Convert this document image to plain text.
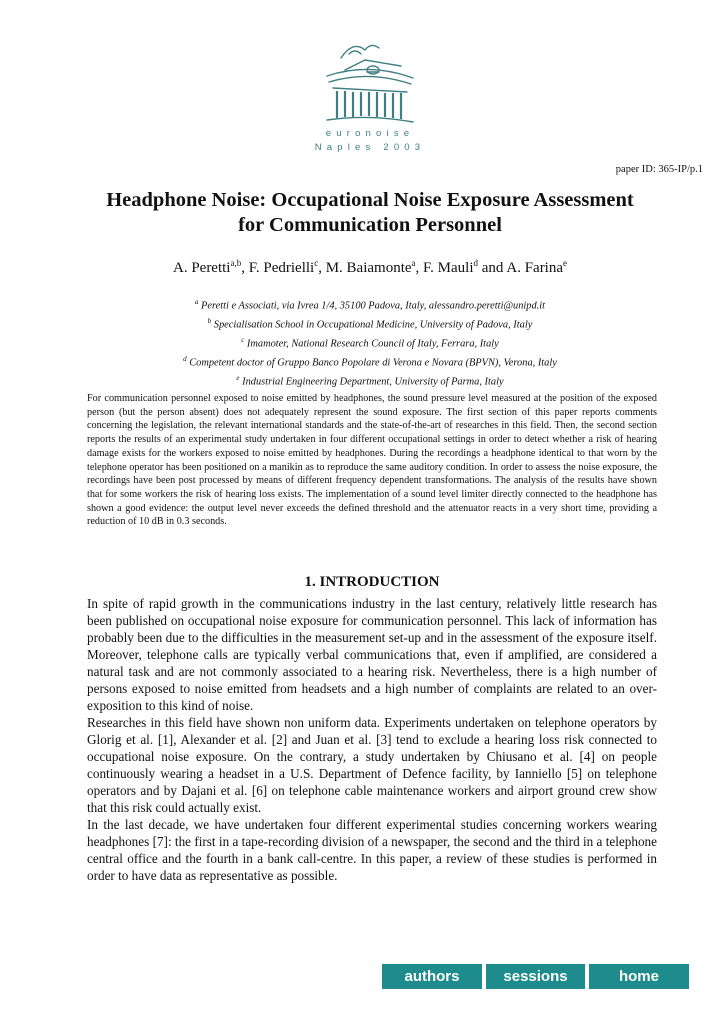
euronoise
Naples 2003
paper ID: 365-IP/p.1
Headphone Noise: Occupational Noise Exposure Assessment
for Communication Personnel
A. Peretti$^{a,b}$, F. Pedrielli$^c$, M. Baiamonte$^a$, F. Mauli$^d$ and A. Farina$^e$
$^a$ Peretti e Associati, via Ivrea 1/4, 35100 Padova, Italy, alessandro.peretti@unipd.it
$^b$ Specialisation School in Occupational Medicine, University of Padova, Italy
$^c$ Imamoter, National Research Council of Italy, Ferrara, Italy
$^d$ Competent doctor of Gruppo Banco Popolare di Verona e Novara (BPVN), Verona, Italy
$^e$ Industrial Engineering Department, University of Parma, Italy

For communication personnel exposed to noise emitted by headphones, the sound pressure level measured at the position of the exposed person (but the person absent) does not adequately represent the sound exposure. The first section of this paper reports comments concerning the legislation, the relevant international standards and the state-of-the-art of researches in this field. Then, the second section reports the results of an experimental study undertaken in four different occupational settings in order to detect whether a risk of hearing damage exists for the workers exposed to noise emitted by headphones. During the recordings a headphone identical to that worn by the telephone operator has been positioned on a manikin as to reproduce the same auditory condition. In order to assess the noise exposure, the recordings have been post processed by means of different frequency dependent transformations. The analysis of the results have shown that for some workers the risk of hearing loss exists. The implementation of a sound level limiter directly connected to the headphone has shown a good evidence: the output level never exceeds the defined threshold and the attenuator reacts in a very short time, providing a reduction of 10 dB in 0.3 seconds.

1. INTRODUCTION

In spite of rapid growth in the communications industry in the last century, relatively little research has been published on occupational noise exposure for communication personnel. This lack of information has probably been due to the difficulties in the measurement set-up and in the assessment of the exposure itself. Moreover, telephone calls are typically verbal communications that, even if amplified, are considered a natural task and are not commonly associated to a hearing risk. Nevertheless, there is a high number of persons exposed to noise emitted from headsets and a high number of complaints are related to an over-exposition to this kind of noise.

Researches in this field have shown non uniform data. Experiments undertaken on telephone operators by Glorig et al. [1], Alexander et al. [2] and Juan et al. [3] tend to exclude a hearing loss risk connected to occupational noise exposure. On the contrary, a study undertaken by Chiusano et al. [4] on people continuously wearing a headset in a U.S. Department of Defence facility, by Ianniello [5] on telephone operators and by Dajani et al. [6] on telephone cable maintenance workers and airport ground crew show that this risk could actually exist.

In the last decade, we have undertaken four different experimental studies concerning workers wearing headphones [7]: the first in a tape-recording division of a newspaper, the second and the third in a telephone central office and the fourth in a bank call-centre. In this paper, a review of these studies is performed in order to have data as representative as possible.

authors	sessions	home
